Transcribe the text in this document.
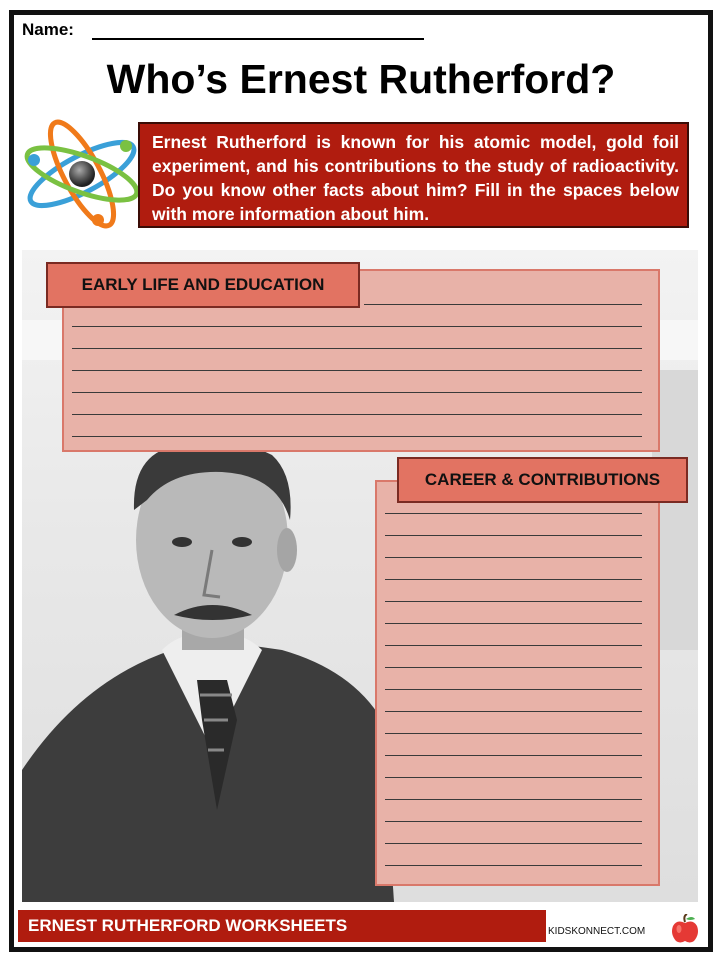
Name:
Who’s Ernest Rutherford?
Ernest Rutherford is known for his atomic model, gold foil experiment, and his contributions to the study of radioactivity. Do you know other facts about him? Fill in the spaces below with more information about him.
EARLY LIFE AND EDUCATION
CAREER & CONTRIBUTIONS
ERNEST RUTHERFORD WORKSHEETS	KIDSKONNECT.COM
